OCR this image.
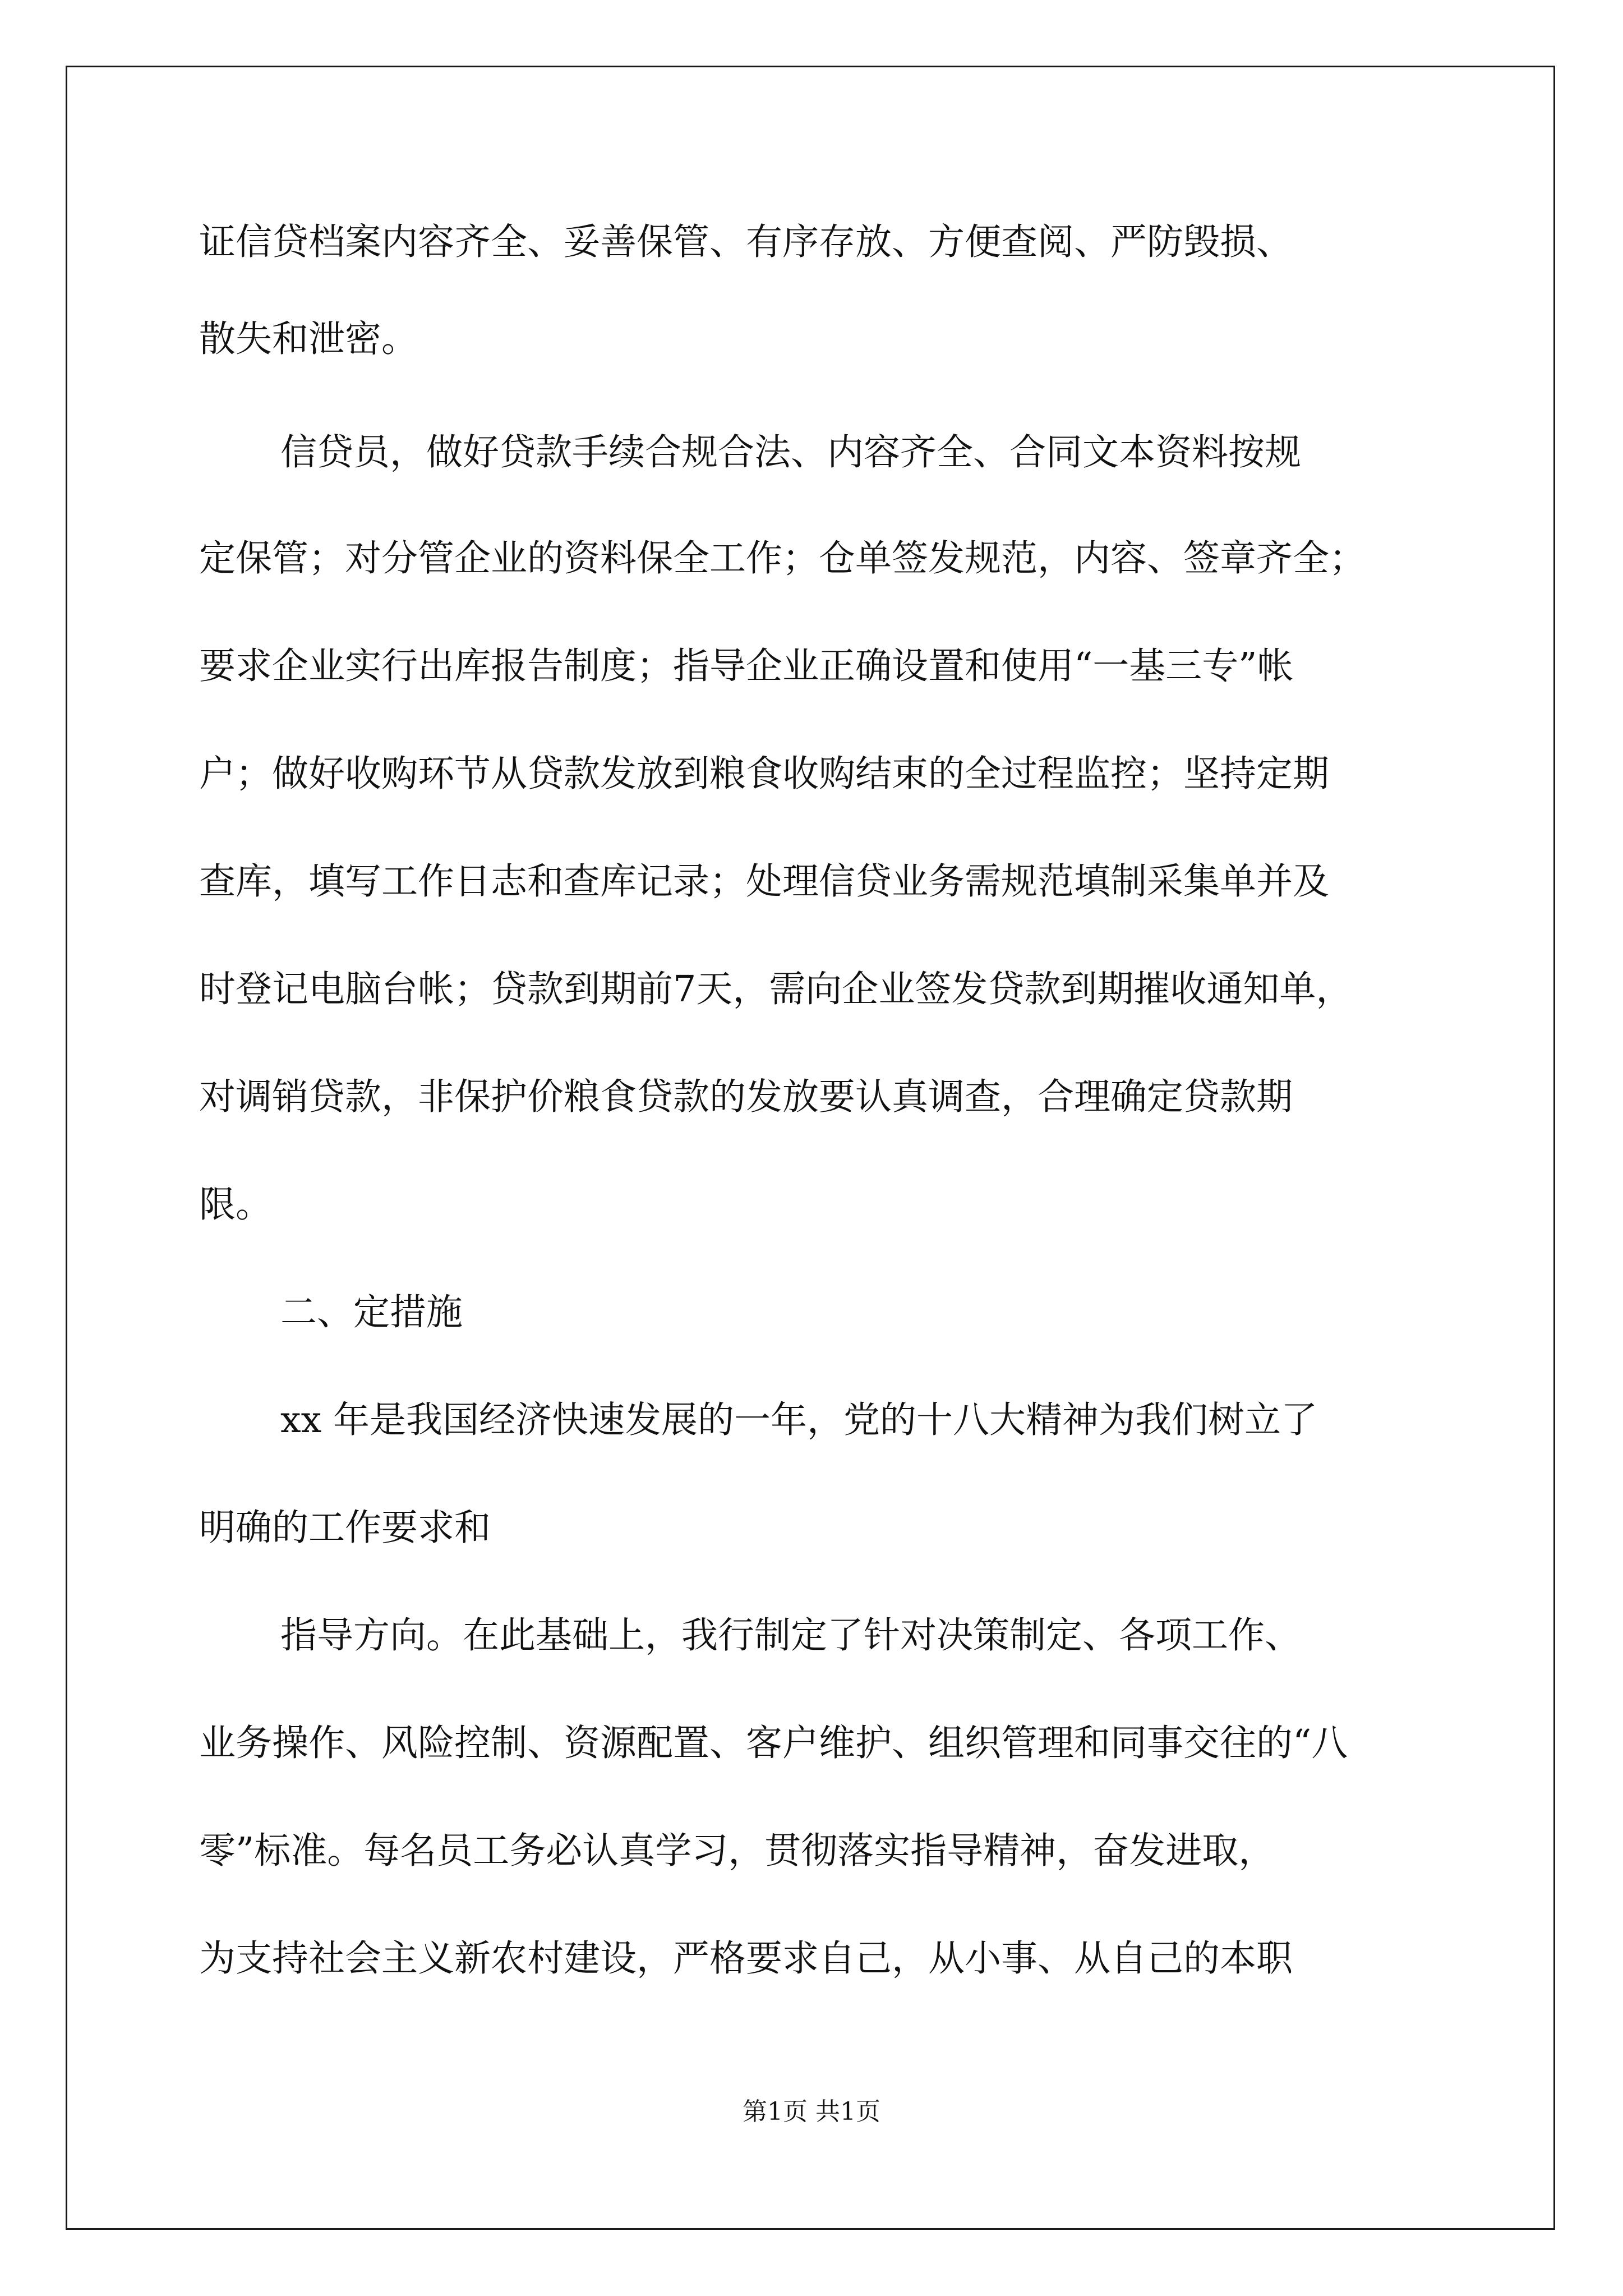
证信贷档案内容齐全、妥善保管、有序存放、方便查阅、严防毁损、
散失和泄密。
信贷员，做好贷款手续合规合法、内容齐全、合同文本资料按规
定保管；对分管企业的资料保全工作；仓单签发规范，内容、签章齐全；
要求企业实行出库报告制度；指导企业正确设置和使用“一基三专”帐
户；做好收购环节从贷款发放到粮食收购结束的全过程监控；坚持定期
查库，填写工作日志和查库记录；处理信贷业务需规范填制采集单并及
时登记电脑台帐；贷款到期前7天，需向企业签发贷款到期摧收通知单，
对调销贷款，非保护价粮食贷款的发放要认真调查，合理确定贷款期
限。
二、定措施
xx 年是我国经济快速发展的一年，党的十八大精神为我们树立了
明确的工作要求和
指导方向。在此基础上，我行制定了针对决策制定、各项工作、
业务操作、风险控制、资源配置、客户维护、组织管理和同事交往的“八
零”标准。每名员工务必认真学习，贯彻落实指导精神，奋发进取，
为支持社会主义新农村建设，严格要求自己，从小事、从自己的本职
第1页 共1页
